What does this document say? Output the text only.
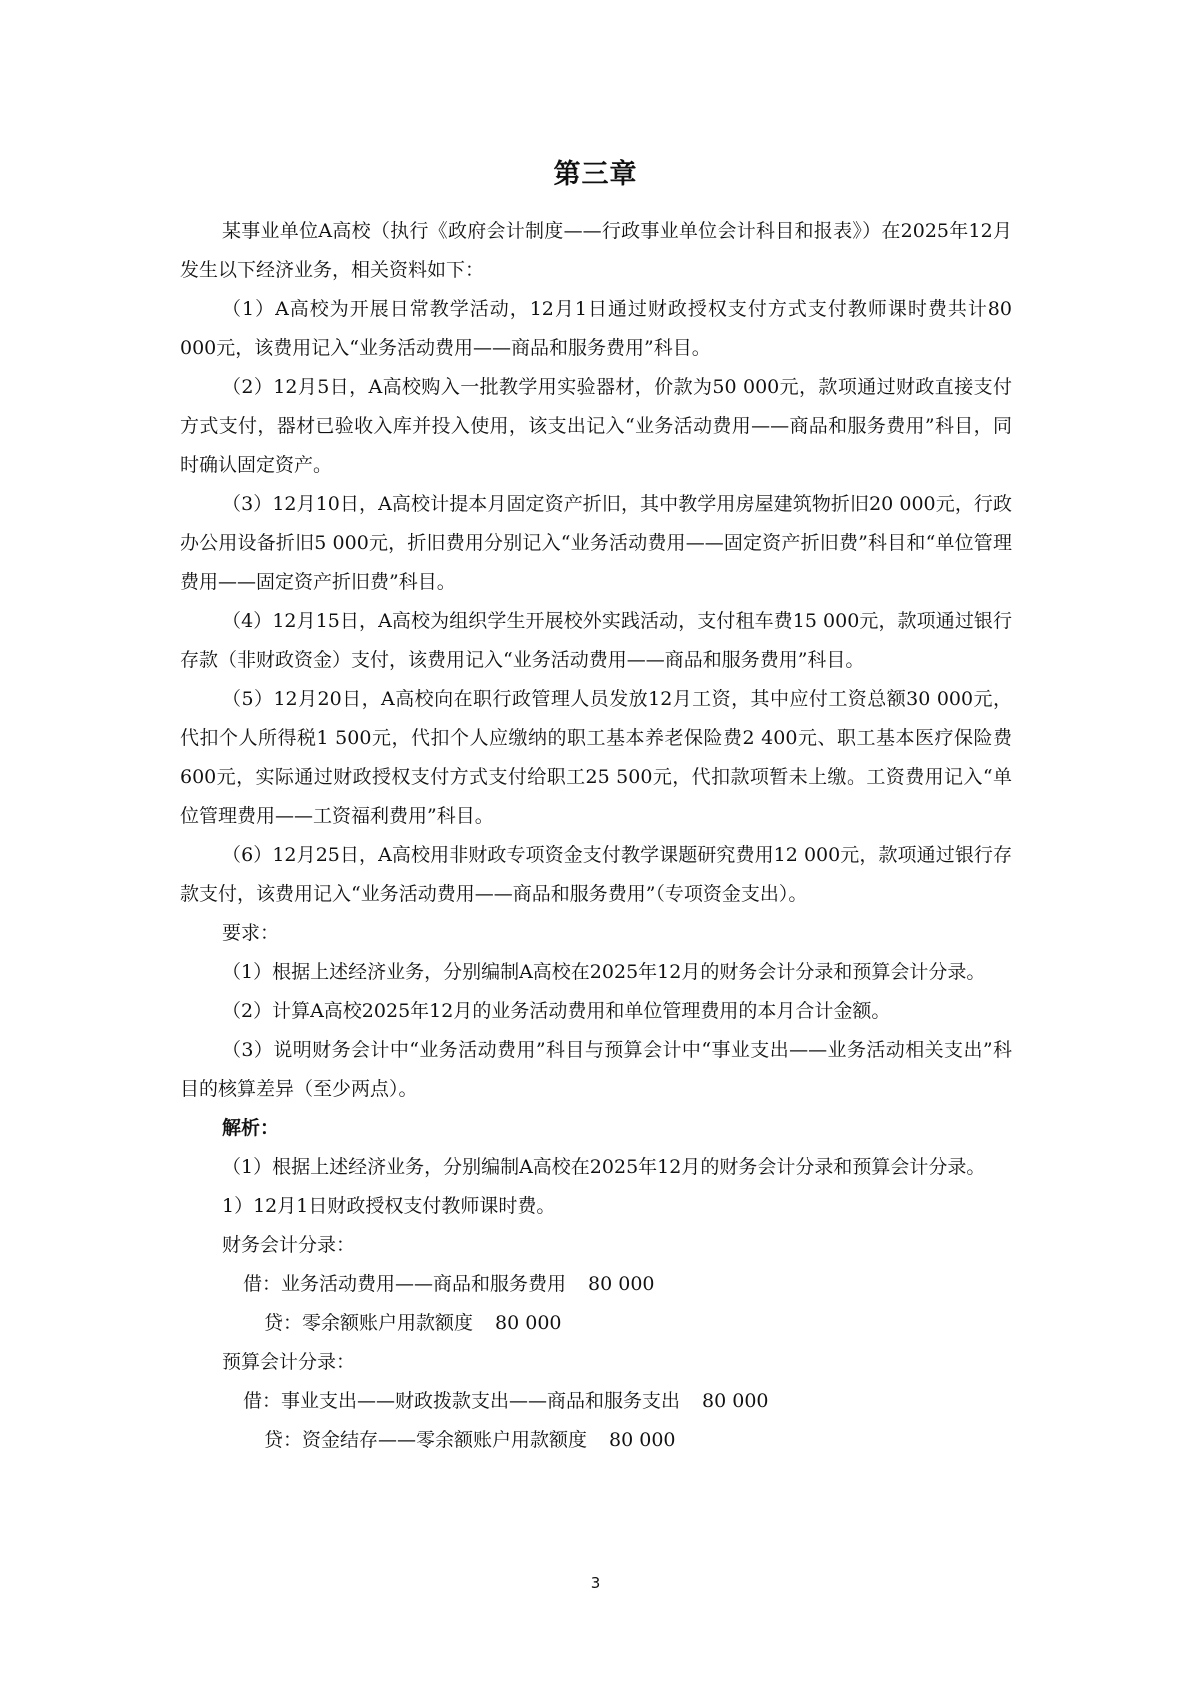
第三章

某事业单位A高校（执行《政府会计制度——行政事业单位会计科目和报表》）在2025年12月发生以下经济业务，相关资料如下：

（1）A高校为开展日常教学活动，12月1日通过财政授权支付方式支付教师课时费共计80 000元，该费用记入“业务活动费用——商品和服务费用”科目。

（2）12月5日，A高校购入一批教学用实验器材，价款为50 000元，款项通过财政直接支付方式支付，器材已验收入库并投入使用，该支出记入“业务活动费用——商品和服务费用”科目，同时确认固定资产。

（3）12月10日，A高校计提本月固定资产折旧，其中教学用房屋建筑物折旧20 000元，行政办公用设备折旧5 000元，折旧费用分别记入“业务活动费用——固定资产折旧费”科目和“单位管理费用——固定资产折旧费”科目。

（4）12月15日，A高校为组织学生开展校外实践活动，支付租车费15 000元，款项通过银行存款（非财政资金）支付，该费用记入“业务活动费用——商品和服务费用”科目。

（5）12月20日，A高校向在职行政管理人员发放12月工资，其中应付工资总额30 000元，代扣个人所得税1 500元，代扣个人应缴纳的职工基本养老保险费2 400元、职工基本医疗保险费600元，实际通过财政授权支付方式支付给职工25 500元，代扣款项暂未上缴。工资费用记入“单位管理费用——工资福利费用”科目。

（6）12月25日，A高校用非财政专项资金支付教学课题研究费用12 000元，款项通过银行存款支付，该费用记入“业务活动费用——商品和服务费用”（专项资金支出）。

要求：

（1）根据上述经济业务，分别编制A高校在2025年12月的财务会计分录和预算会计分录。

（2）计算A高校2025年12月的业务活动费用和单位管理费用的本月合计金额。

（3）说明财务会计中“业务活动费用”科目与预算会计中“事业支出——业务活动相关支出”科目的核算差异（至少两点）。

解析：

（1）根据上述经济业务，分别编制A高校在2025年12月的财务会计分录和预算会计分录。

1）12月1日财政授权支付教师课时费。

财务会计分录：

借：业务活动费用——商品和服务费用 80 000

贷：零余额账户用款额度 80 000

预算会计分录：

借：事业支出——财政拨款支出——商品和服务支出 80 000

贷：资金结存——零余额账户用款额度 80 000

3
